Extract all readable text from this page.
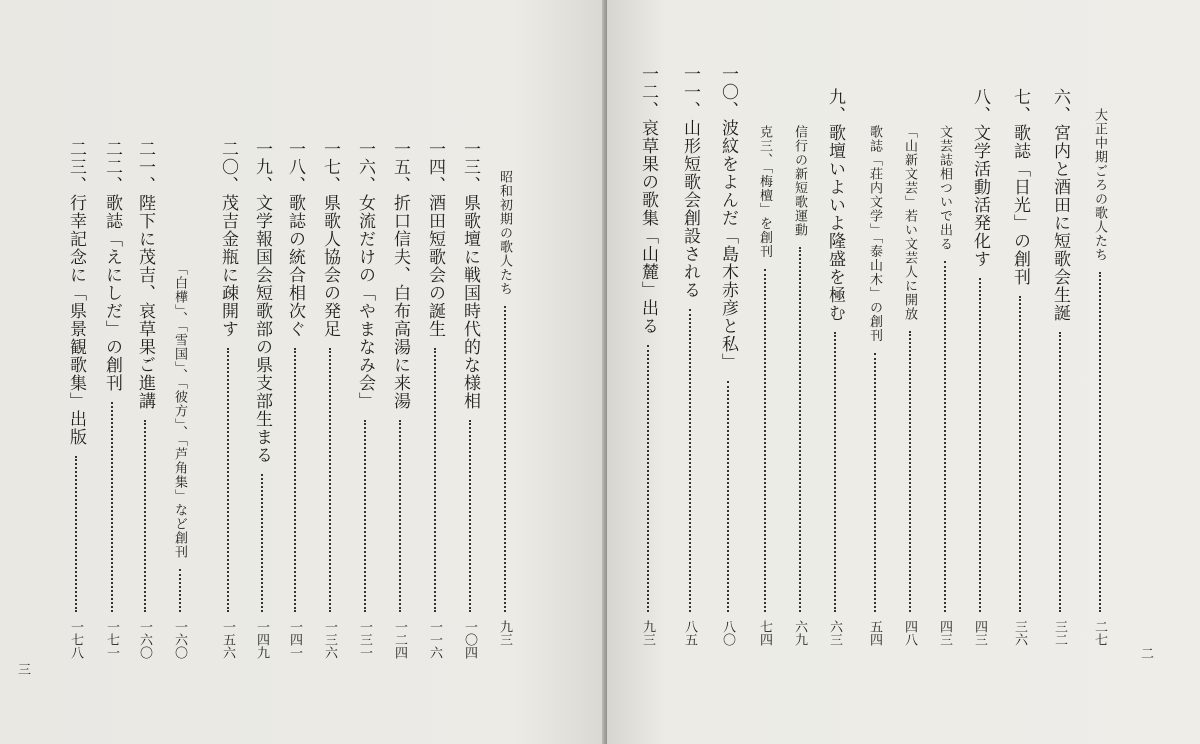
三
二
昭和初期の歌人たち
九三
一三、県歌壇に戦国時代的な様相
一〇四
一四、酒田短歌会の誕生
一一六
一五、折口信夫、白布高湯に来湯
一二四
一六、女流だけの「やまなみ会」
一三一
一七、県歌人協会の発足
一三六
一八、歌誌の統合相次ぐ
一四一
一九、文学報国会短歌部の県支部生まる
一四九
二〇、茂吉金瓶に疎開す
一五六
「白樺」、「雪国」、「彼方」、「芦角集」など創刊
一六〇
二一、陛下に茂吉、哀草果ご進講
一六〇
二二、歌誌「えにしだ」の創刊
一七一
二三、行幸記念に「県景観歌集」出版
一七八
大正中期ごろの歌人たち
二七
六、宮内と酒田に短歌会生誕
三二
七、歌誌「日光」の創刊
三六
八、文学活動活発化す
四三
文芸誌相ついで出る
四三
「山新文芸」若い文芸人に開放
四八
歌誌「荘内文学」「泰山木」の創刊
五四
九、歌壇いよいよ隆盛を極む
六三
信行の新短歌運動
六九
克三、「梅檀」を創刊
七四
一〇、波紋をよんだ「島木赤彦と私」
八〇
一一、山形短歌会創設される
八五
一二、哀草果の歌集「山麓」出る
九三
